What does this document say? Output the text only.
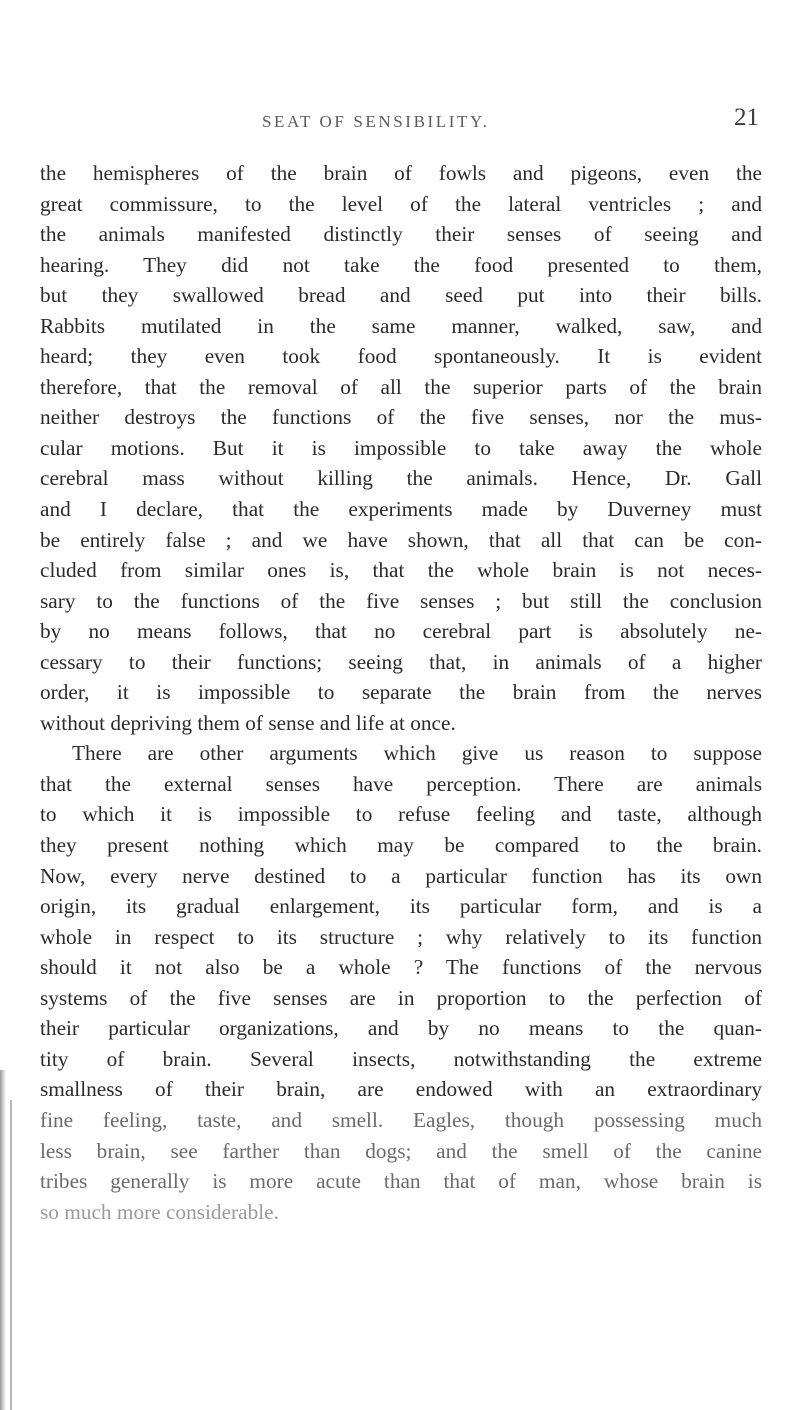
SEAT OF SENSIBILITY.	21
the hemispheres of the brain of fowls and pigeons, even the
great commissure, to the level of the lateral ventricles ; and
the animals manifested distinctly their senses of seeing and
hearing. They did not take the food presented to them,
but they swallowed bread and seed put into their bills.
Rabbits mutilated in the same manner, walked, saw, and
heard; they even took food spontaneously. It is evident
therefore, that the removal of all the superior parts of the brain
neither destroys the functions of the five senses, nor the mus-
cular motions. But it is impossible to take away the whole
cerebral mass without killing the animals. Hence, Dr. Gall
and I declare, that the experiments made by Duverney must
be entirely false ; and we have shown, that all that can be con-
cluded from similar ones is, that the whole brain is not neces-
sary to the functions of the five senses ; but still the conclusion
by no means follows, that no cerebral part is absolutely ne-
cessary to their functions; seeing that, in animals of a higher
order, it is impossible to separate the brain from the nerves
without depriving them of sense and life at once.
There are other arguments which give us reason to suppose
that the external senses have perception. There are animals
to which it is impossible to refuse feeling and taste, although
they present nothing which may be compared to the brain.
Now, every nerve destined to a particular function has its own
origin, its gradual enlargement, its particular form, and is a
whole in respect to its structure ; why relatively to its function
should it not also be a whole ? The functions of the nervous
systems of the five senses are in proportion to the perfection of
their particular organizations, and by no means to the quan-
tity of brain. Several insects, notwithstanding the extreme
smallness of their brain, are endowed with an extraordinary
fine feeling, taste, and smell. Eagles, though possessing much
less brain, see farther than dogs; and the smell of the canine
tribes generally is more acute than that of man, whose brain is
so much more considerable.
